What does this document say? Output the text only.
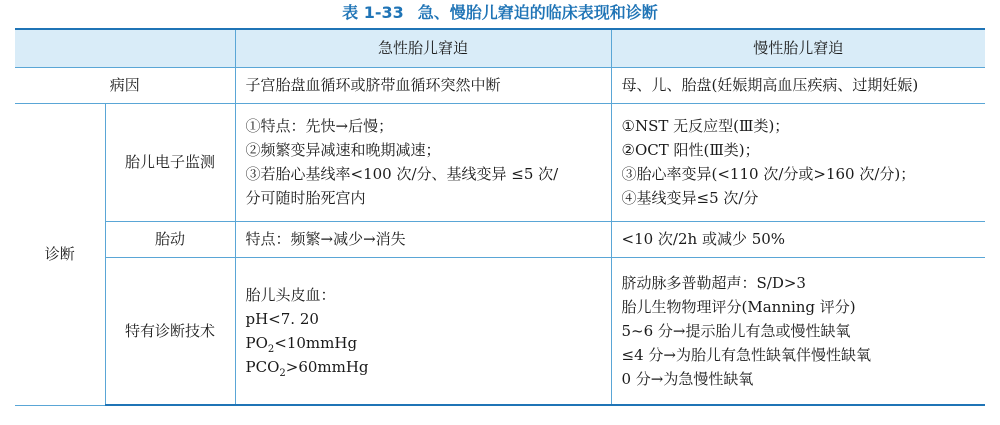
表 1-33 急、慢胎儿窘迫的临床表现和诊断
		急性胎儿窘迫	慢性胎儿窘迫
病因		子宫胎盘血循环或脐带血循环突然中断	母、儿、胎盘(妊娠期高血压疾病、过期妊娠)
诊断	胎儿电子监测	①特点：先快→后慢；
②频繁变异减速和晚期减速；
③若胎心基线率<100 次/分、基线变异 ≤5 次/
分可随时胎死宫内	①NST 无反应型(Ⅲ类)；
②OCT 阳性(Ⅲ类)；
③胎心率变异(<110 次/分或>160 次/分)；
④基线变异≤5 次/分

	胎动	特点：频繁→减少→消失	<10 次/2h 或减少 50%
	特有诊断技术	胎儿头皮血：
pH<7. 20
$PO_2<10mmHg$
$PCO_2>60mmHg$	脐动脉多普勒超声：S/D>3
胎儿生物物理评分(Manning 评分)
5~6 分→提示胎儿有急或慢性缺氧
≤4 分→为胎儿有急性缺氧伴慢性缺氧
0 分→为急慢性缺氧
